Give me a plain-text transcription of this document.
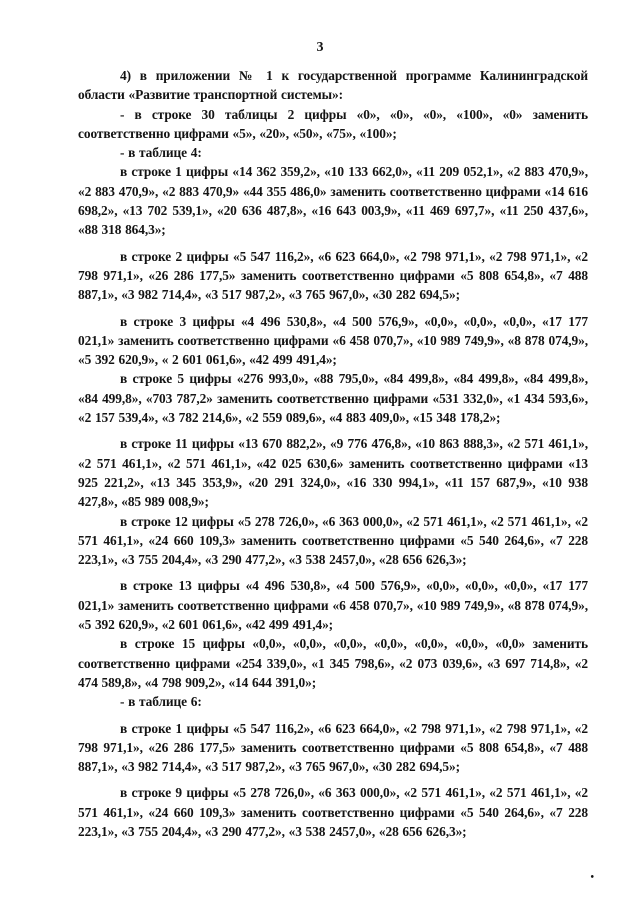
3

4) в приложении № 1 к государственной программе Калининградской области «Развитие транспортной системы»:

- в строке 30 таблицы 2 цифры «0», «0», «0», «100», «0» заменить соответственно цифрами «5», «20», «50», «75», «100»;

- в таблице 4:

в строке 1 цифры «14 362 359,2», «10 133 662,0», «11 209 052,1», «2 883 470,9», «2 883 470,9», «2 883 470,9» «44 355 486,0» заменить соответственно цифрами «14 616 698,2», «13 702 539,1», «20 636 487,8», «16 643 003,9», «11 469 697,7», «11 250 437,6», «88 318 864,3»;

в строке 2 цифры «5 547 116,2», «6 623 664,0», «2 798 971,1», «2 798 971,1», «2 798 971,1», «26 286 177,5» заменить соответственно цифрами «5 808 654,8», «7 488 887,1», «3 982 714,4», «3 517 987,2», «3 765 967,0», «30 282 694,5»;

в строке 3 цифры «4 496 530,8», «4 500 576,9», «0,0», «0,0», «0,0», «17 177 021,1» заменить соответственно цифрами «6 458 070,7», «10 989 749,9», «8 878 074,9», «5 392 620,9», « 2 601 061,6», «42 499 491,4»;

в строке 5 цифры «276 993,0», «88 795,0», «84 499,8», «84 499,8», «84 499,8», «84 499,8», «703 787,2» заменить соответственно цифрами «531 332,0», «1 434 593,6», «2 157 539,4», «3 782 214,6», «2 559 089,6», «4 883 409,0», «15 348 178,2»;

в строке 11 цифры «13 670 882,2», «9 776 476,8», «10 863 888,3», «2 571 461,1», «2 571 461,1», «2 571 461,1», «42 025 630,6» заменить соответственно цифрами «13 925 221,2», «13 345 353,9», «20 291 324,0», «16 330 994,1», «11 157 687,9», «10 938 427,8», «85 989 008,9»;

в строке 12 цифры «5 278 726,0», «6 363 000,0», «2 571 461,1», «2 571 461,1», «2 571 461,1», «24 660 109,3» заменить соответственно цифрами «5 540 264,6», «7 228 223,1», «3 755 204,4», «3 290 477,2», «3 538 2457,0», «28 656 626,3»;

в строке 13 цифры «4 496 530,8», «4 500 576,9», «0,0», «0,0», «0,0», «17 177 021,1» заменить соответственно цифрами «6 458 070,7», «10 989 749,9», «8 878 074,9», «5 392 620,9», «2 601 061,6», «42 499 491,4»;

в строке 15 цифры «0,0», «0,0», «0,0», «0,0», «0,0», «0,0», «0,0» заменить соответственно цифрами «254 339,0», «1 345 798,6», «2 073 039,6», «3 697 714,8», «2 474 589,8», «4 798 909,2», «14 644 391,0»;

- в таблице 6:

в строке 1 цифры «5 547 116,2», «6 623 664,0», «2 798 971,1», «2 798 971,1», «2 798 971,1», «26 286 177,5» заменить соответственно цифрами «5 808 654,8», «7 488 887,1», «3 982 714,4», «3 517 987,2», «3 765 967,0», «30 282 694,5»;

в строке 9 цифры «5 278 726,0», «6 363 000,0», «2 571 461,1», «2 571 461,1», «2 571 461,1», «24 660 109,3» заменить соответственно цифрами «5 540 264,6», «7 228 223,1», «3 755 204,4», «3 290 477,2», «3 538 2457,0», «28 656 626,3»;

•
